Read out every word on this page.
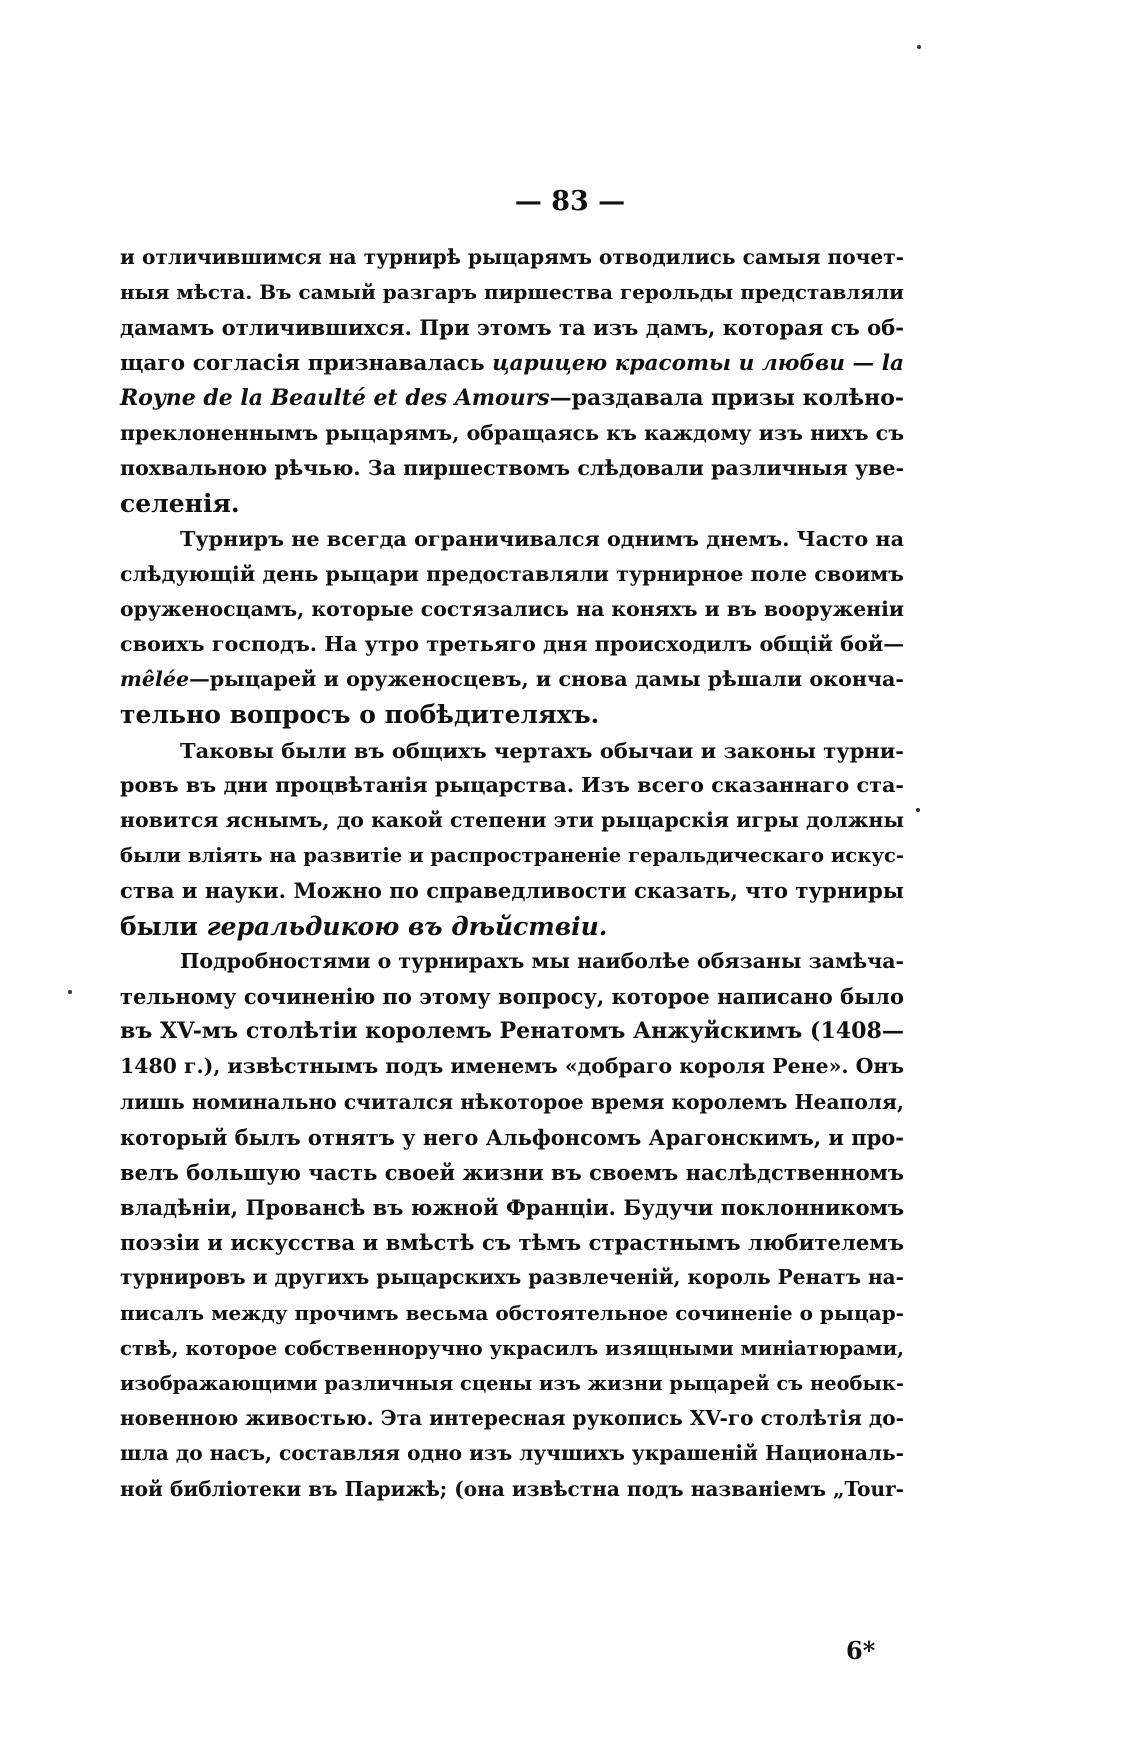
— 83 —
и отличившимся на турнирѣ рыцарямъ отводились самыя почет-
ныя мѣста. Въ самый разгаръ пиршества герольды представляли
дамамъ отличившихся. При этомъ та изъ дамъ, которая съ об-
щаго согласія признавалась царицею красоты и любви — la
Royne de la Beaulté et des Amours—раздавала призы колѣно-
преклоненнымъ рыцарямъ, обращаясь къ каждому изъ нихъ съ
похвальною рѣчью. За пиршествомъ слѣдовали различныя уве-
селенія.
Турниръ не всегда ограничивался однимъ днемъ. Часто на
слѣдующій день рыцари предоставляли турнирное поле своимъ
оруженосцамъ, которые состязались на коняхъ и въ вооруженіи
своихъ господъ. На утро третьяго дня происходилъ общій бой—
mêlée—рыцарей и оруженосцевъ, и снова дамы рѣшали оконча-
тельно вопросъ о побѣдителяхъ.
Таковы были въ общихъ чертахъ обычаи и законы турни-
ровъ въ дни процвѣтанія рыцарства. Изъ всего сказаннаго ста-
новится яснымъ, до какой степени эти рыцарскія игры должны
были влiять на развитіе и распространеніе геральдическаго искус-
ства и науки. Можно по справедливости сказать, что турниры
были геральдикою въ дѣйствiи.
Подробностями о турнирахъ мы наиболѣе обязаны замѣча-
тельному сочиненію по этому вопросу, которое написано было
въ XV-мъ столѣтіи королемъ Ренатомъ Анжуйскимъ (1408—
1480 г.), извѣстнымъ подъ именемъ «добраго короля Рене». Онъ
лишь номинально считался нѣкоторое время королемъ Неаполя,
который былъ отнятъ у него Альфонсомъ Арагонскимъ, и про-
велъ большую часть своей жизни въ своемъ наслѣдственномъ
владѣніи, Провансѣ въ южной Франціи. Будучи поклонникомъ
поэзіи и искусства и вмѣстѣ съ тѣмъ страстнымъ любителемъ
турнировъ и другихъ рыцарскихъ развлеченій, король Ренатъ на-
писалъ между прочимъ весьма обстоятельное сочиненіе о рыцар-
ствѣ, которое собственноручно украсилъ изящными миніатюрами,
изображающими различныя сцены изъ жизни рыцарей съ необык-
новенною живостью. Эта интересная рукопись XV-го столѣтія до-
шла до насъ, составляя одно изъ лучшихъ украшеній Националь-
ной библіотеки въ Парижѣ; (она извѣстна подъ названіемъ „Tour-
6*
